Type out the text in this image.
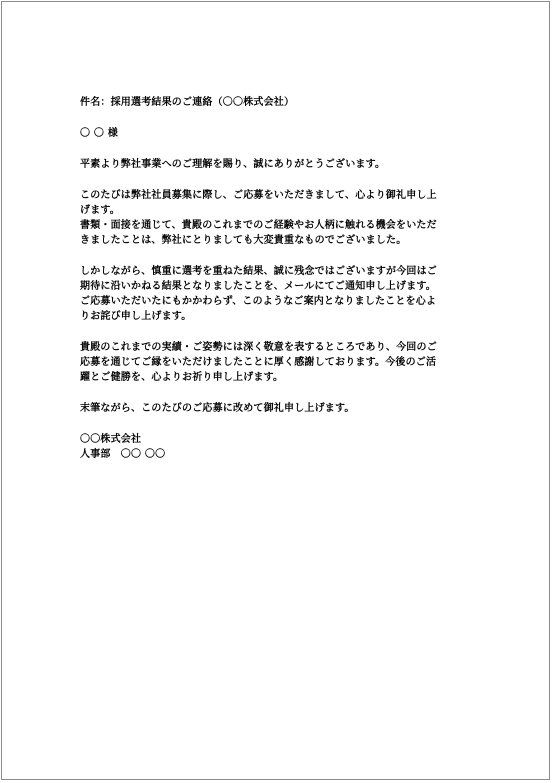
件名：採用選考結果のご連絡（〇〇株式会社）

〇 〇 様

平素より弊社事業へのご理解を賜り、誠にありがとうございます。

このたびは弊社社員募集に際し、ご応募をいただきまして、心より御礼申し上

げます。

書類・面接を通じて、貴殿のこれまでのご経験やお人柄に触れる機会をいただ

きましたことは、弊社にとりましても大変貴重なものでございました。

しかしながら、慎重に選考を重ねた結果、誠に残念ではございますが今回はご

期待に沿いかねる結果となりましたことを、メールにてご通知申し上げます。

ご応募いただいたにもかかわらず、このようなご案内となりましたことを心よ

りお詫び申し上げます。

貴殿のこれまでの実績・ご姿勢には深く敬意を表するところであり、今回のご

応募を通じてご縁をいただけましたことに厚く感謝しております。今後のご活

躍とご健勝を、心よりお祈り申し上げます。

末筆ながら、このたびのご応募に改めて御礼申し上げます。

〇〇株式会社

人事部　〇〇 〇〇
